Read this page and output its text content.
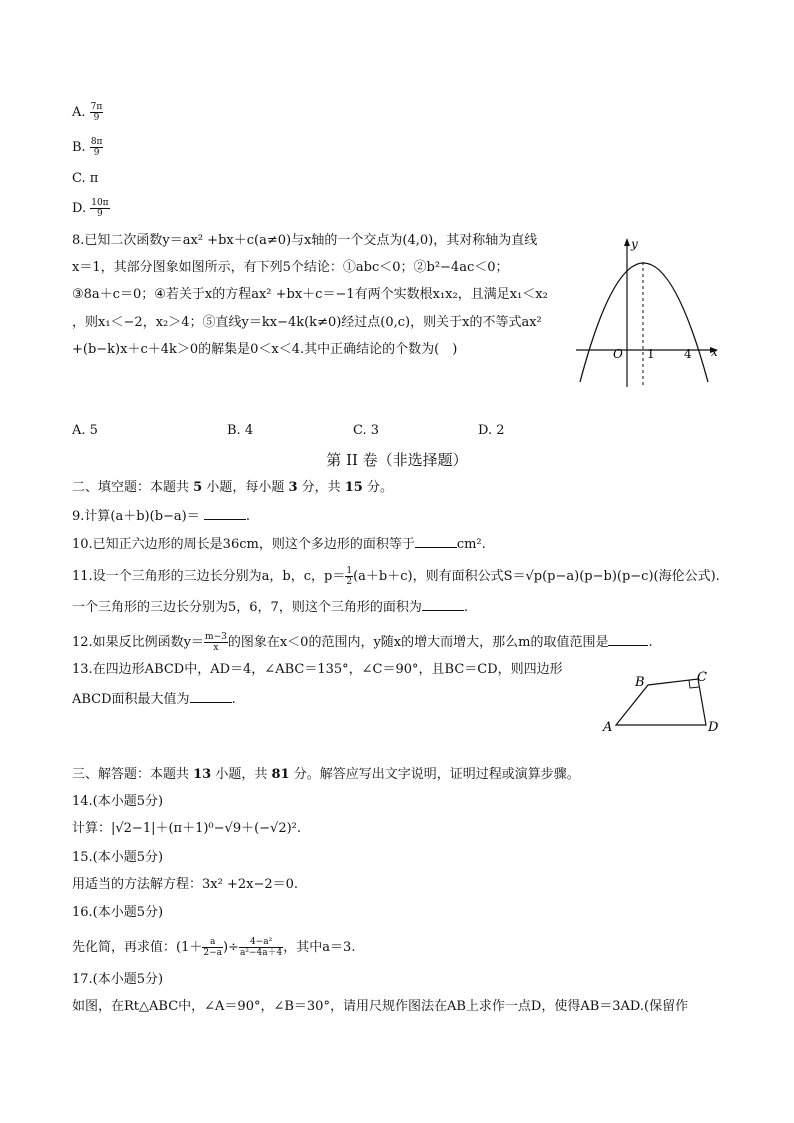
A. $\frac{7\pi}{9}$
B. $\frac{8\pi}{9}$
C. π
D. $\frac{10\pi}{9}$
8.已知二次函数y＝ax² +bx＋c(a≠0)与x轴的一个交点为(4,0)，其对称轴为直线
x＝1，其部分图象如图所示，有下列5个结论：①abc＜0；②b²−4ac＜0；
③8a＋c＝0；④若关于x的方程ax² +bx＋c＝−1有两个实数根x₁x₂，且满足x₁＜x₂
，则x₁＜−2，x₂＞4；⑤直线y＝kx−4k(k≠0)经过点(0,c)，则关于x的不等式ax²
+(b−k)x＋c＋4k＞0的解集是0＜x＜4.其中正确结论的个数为(　)
y
x
O 1 4
A. 5	B. 4	C. 3	D. 2
第 II 卷（非选择题）
二、填空题：本题共 5 小题，每小题 3 分，共 15 分。
9.计算(a＋b)(b−a)＝	.
10.已知正六边形的周长是36cm，则这个多边形的面积等于	cm².
11.设一个三角形的三边长分别为a，b，c，$p= \frac{1}{2} (a+b+c)$，则有面积公式S＝√p(p−a)(p−b)(p−c)(海伦公式).
一个三角形的三边长分别为5，6，7，则这个三角形的面积为	.
12.如果反比例函数$y= \frac{m-3}{x}$ 的图象在x＜0的范围内，y随x的增大而增大，那么m的取值范围是	.
13.在四边形ABCD中，AD＝4，∠ABC＝135°，∠C＝90°，且BC＝CD，则四边形
ABCD面积最大值为	.
A
B	C
D
三、解答题：本题共 13 小题，共 81 分。解答应写出文字说明，证明过程或演算步骤。
14.(本小题5分)
计算：|√2−1|＋(π＋1)⁰−√9＋(−√2)².
15.(本小题5分)
用适当的方法解方程：3x² +2x−2＝0.
16.(本小题5分)
先化简，再求值：($1+ \frac{a}{2-a}$ )÷ $\frac{\text{4−a²}}{\text{a²−4a＋4}}$ ，其中a＝3.
17.(本小题5分)
如图，在Rt△ABC中，∠A＝90°，∠B＝30°，请用尺规作图法在AB上求作一点D，使得AB＝3AD.(保留作
